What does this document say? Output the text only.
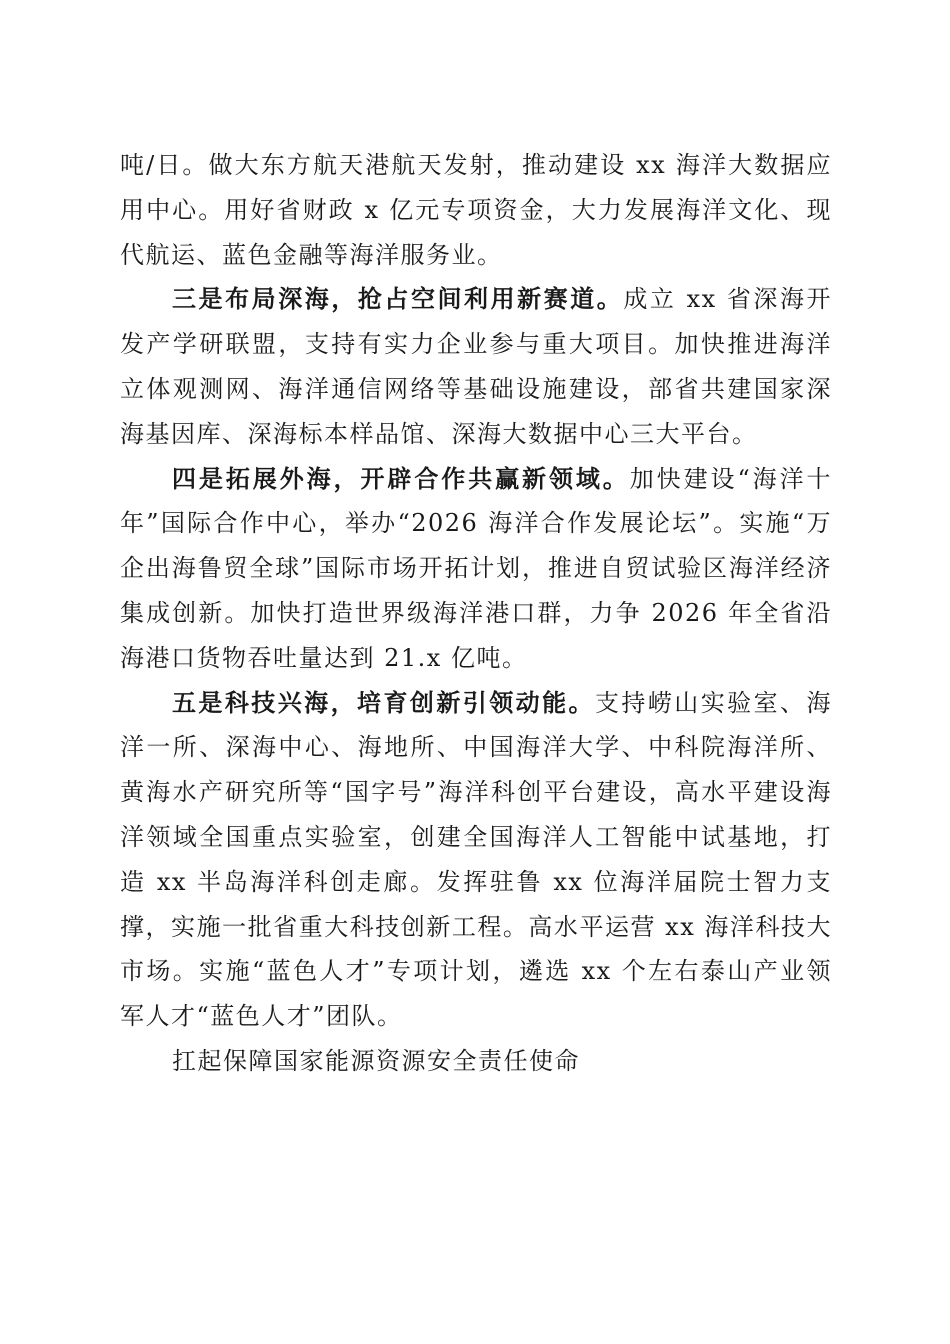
吨/日。做大东方航天港航天发射，推动建设 xx 海洋大数据应用中心。用好省财政 x 亿元专项资金，大力发展海洋文化、现代航运、蓝色金融等海洋服务业。

三是布局深海，抢占空间利用新赛道。成立 xx 省深海开发产学研联盟，支持有实力企业参与重大项目。加快推进海洋立体观测网、海洋通信网络等基础设施建设，部省共建国家深海基因库、深海标本样品馆、深海大数据中心三大平台。

四是拓展外海，开辟合作共赢新领域。加快建设“海洋十年”国际合作中心，举办“2026 海洋合作发展论坛”。实施“万企出海鲁贸全球”国际市场开拓计划，推进自贸试验区海洋经济集成创新。加快打造世界级海洋港口群，力争 2026 年全省沿海港口货物吞吐量达到 21.x 亿吨。

五是科技兴海，培育创新引领动能。支持崂山实验室、海洋一所、深海中心、海地所、中国海洋大学、中科院海洋所、黄海水产研究所等“国字号”海洋科创平台建设，高水平建设海洋领域全国重点实验室，创建全国海洋人工智能中试基地，打造 xx 半岛海洋科创走廊。发挥驻鲁 xx 位海洋届院士智力支撑，实施一批省重大科技创新工程。高水平运营 xx 海洋科技大市场。实施“蓝色人才”专项计划，遴选 xx 个左右泰山产业领军人才“蓝色人才”团队。

扛起保障国家能源资源安全责任使命
